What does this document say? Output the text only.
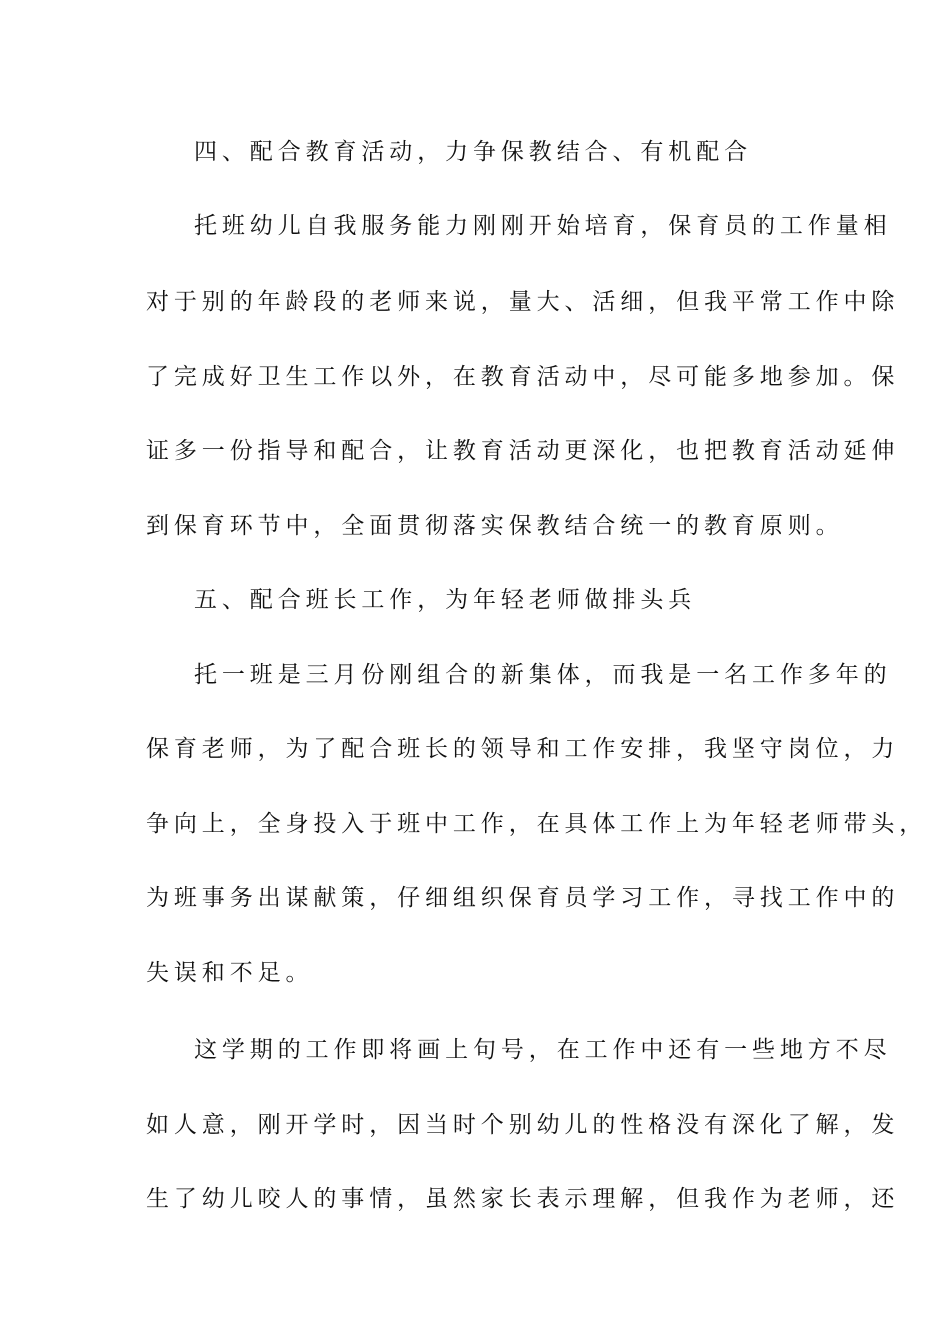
四、配合教育活动，力争保教结合、有机配合
托班幼儿自我服务能力刚刚开始培育，保育员的工作量相
对于别的年龄段的老师来说，量大、活细，但我平常工作中除
了完成好卫生工作以外，在教育活动中，尽可能多地参加。保
证多一份指导和配合，让教育活动更深化，也把教育活动延伸
到保育环节中，全面贯彻落实保教结合统一的教育原则。
五、配合班长工作，为年轻老师做排头兵
托一班是三月份刚组合的新集体，而我是一名工作多年的
保育老师，为了配合班长的领导和工作安排，我坚守岗位，力
争向上，全身投入于班中工作，在具体工作上为年轻老师带头，
为班事务出谋献策，仔细组织保育员学习工作，寻找工作中的
失误和不足。
这学期的工作即将画上句号，在工作中还有一些地方不尽
如人意，刚开学时，因当时个别幼儿的性格没有深化了解，发
生了幼儿咬人的事情，虽然家长表示理解，但我作为老师，还
